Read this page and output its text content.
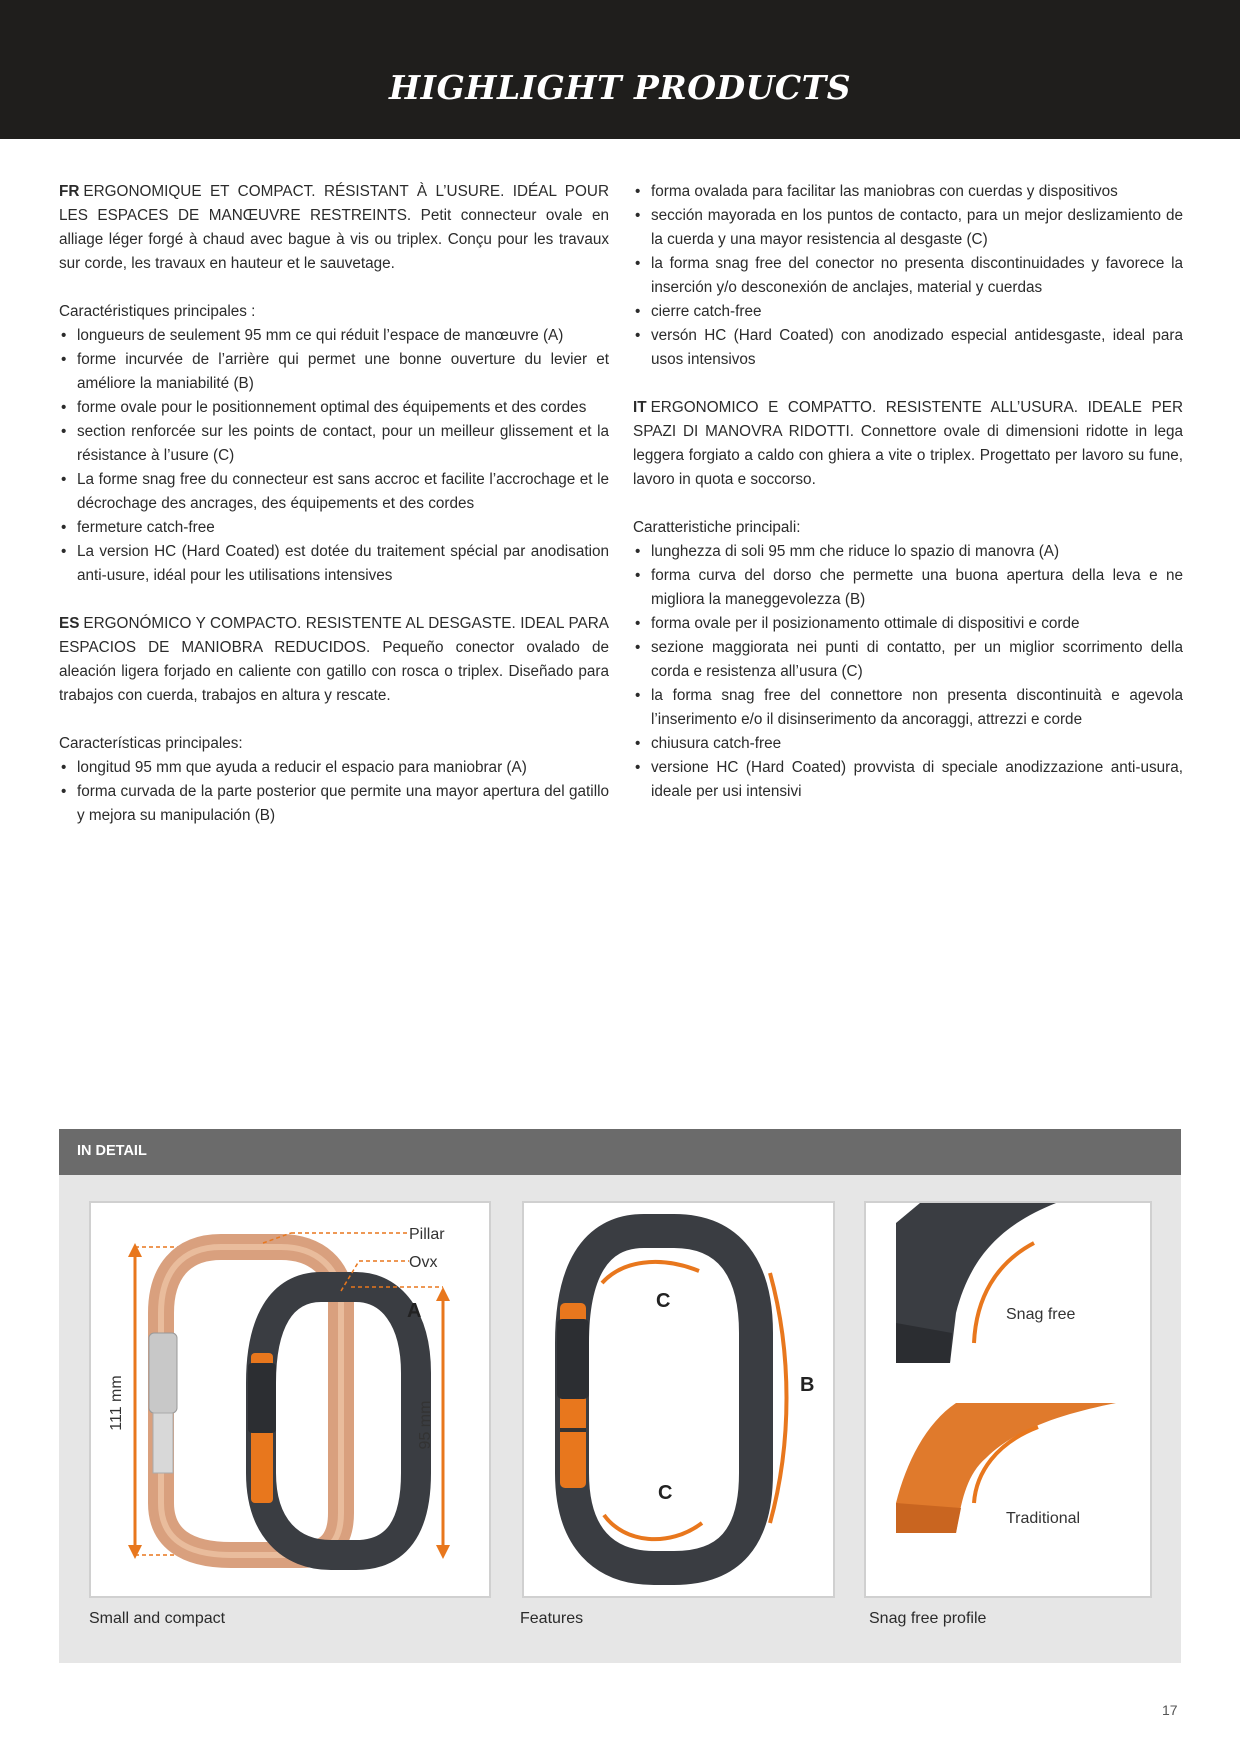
HIGHLIGHT PRODUCTS

FR ERGONOMIQUE ET COMPACT. RÉSISTANT À L’USURE. IDÉAL POUR LES ESPACES DE MANŒUVRE RESTREINTS. Petit connecteur ovale en alliage léger forgé à chaud avec bague à vis ou triplex. Conçu pour les travaux sur corde, les travaux en hauteur et le sauvetage.

Caractéristiques principales :

• longueurs de seulement 95 mm ce qui réduit l’espace de manœuvre (A)
• forme incurvée de l’arrière qui permet une bonne ouverture du levier et améliore la maniabilité (B)
• forme ovale pour le positionnement optimal des équipements et des cordes
• section renforcée sur les points de contact, pour un meilleur glissement et la résistance à l’usure (C)
• La forme snag free du connecteur est sans accroc et facilite l’accrochage et le décrochage des ancrages, des équipements et des cordes
• fermeture catch-free
• La version HC (Hard Coated) est dotée du traitement spécial par anodisation anti-usure, idéal pour les utilisations intensives

ES ERGONÓMICO Y COMPACTO. RESISTENTE AL DESGASTE. IDEAL PARA ESPACIOS DE MANIOBRA REDUCIDOS. Pequeño conector ovalado de aleación ligera forjado en caliente con gatillo con rosca o triplex. Diseñado para trabajos con cuerda, trabajos en altura y rescate.

Características principales:

• longitud 95 mm que ayuda a reducir el espacio para maniobrar (A)
• forma curvada de la parte posterior que permite una mayor apertura del gatillo y mejora su manipulación (B)
• forma ovalada para facilitar las maniobras con cuerdas y dispositivos
• sección mayorada en los puntos de contacto, para un mejor deslizamiento de la cuerda y una mayor resistencia al desgaste (C)
• la forma snag free del conector no presenta discontinuidades y favorece la inserción y/o desconexión de anclajes, material y cuerdas
• cierre catch-free
• versón HC (Hard Coated) con anodizado especial antidesgaste, ideal para usos intensivos

IT ERGONOMICO E COMPATTO. RESISTENTE ALL’USURA. IDEALE PER SPAZI DI MANOVRA RIDOTTI. Connettore ovale di dimensioni ridotte in lega leggera forgiato a caldo con ghiera a vite o triplex. Progettato per lavoro su fune, lavoro in quota e soccorso.

Caratteristiche principali:

• lunghezza di soli 95 mm che riduce lo spazio di manovra (A)
• forma curva del dorso che permette una buona apertura della leva e ne migliora la maneggevolezza (B)
• forma ovale per il posizionamento ottimale di dispositivi e corde
• sezione maggiorata nei punti di contatto, per un miglior scorrimento della corda e resistenza all’usura (C)
• la forma snag free del connettore non presenta discontinuità e agevola l’inserimento e/o il disinserimento da ancoraggi, attrezzi e corde
• chiusura catch-free
• versione HC (Hard Coated) provvista di speciale anodizzazione anti-usura, ideale per usi intensivi

IN DETAIL

111 mm	95 mm
Pillar
Ovx
A

Small and compact

C
B
C

Features

Snag free
Traditional

Snag free profile

17
